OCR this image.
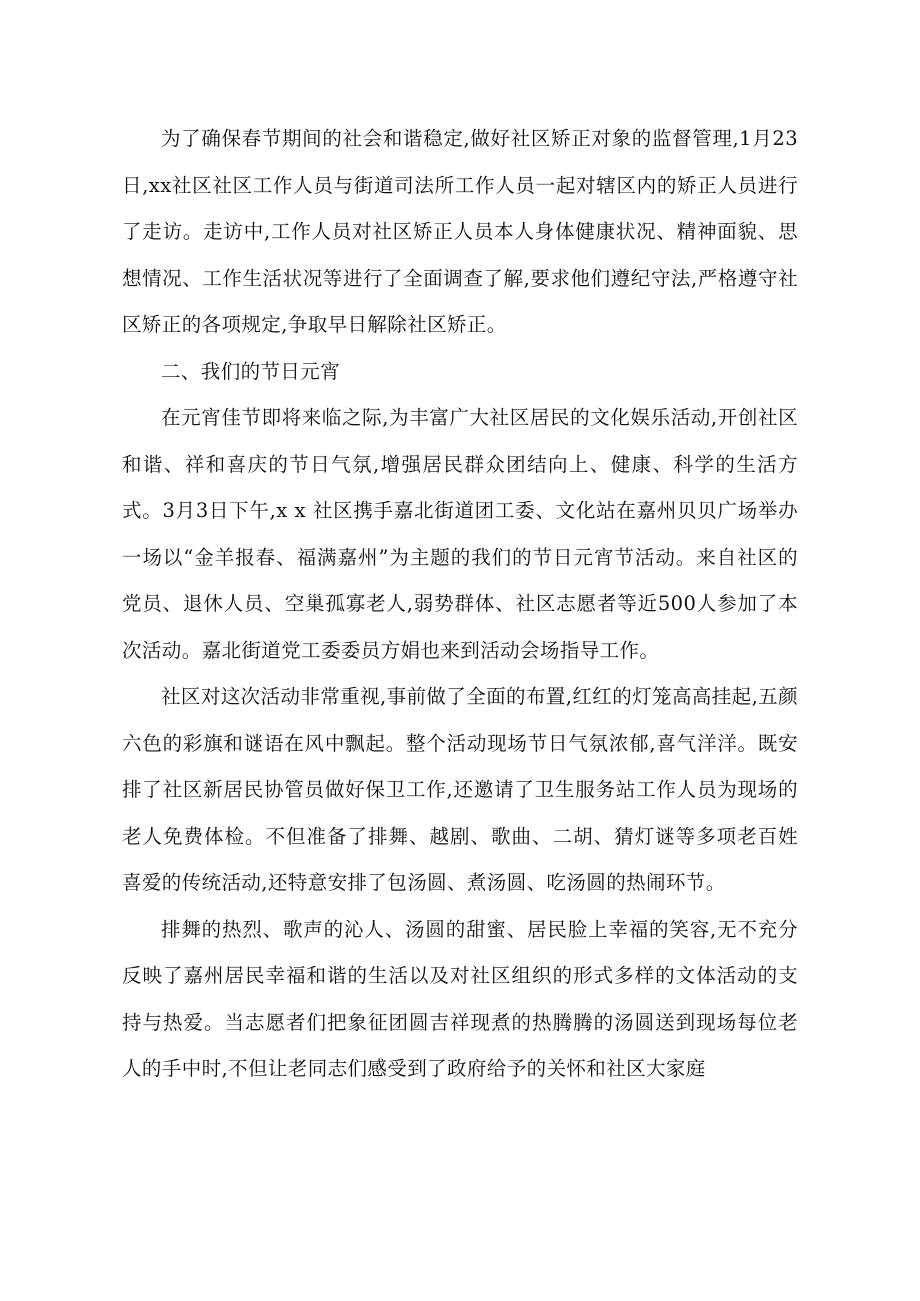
为了确保春节期间的社会和谐稳定,做好社区矫正对象的监督管理,1月23日,xx社区社区工作人员与街道司法所工作人员一起对辖区内的矫正人员进行了走访。走访中,工作人员对社区矫正人员本人身体健康状况、精神面貌、思想情况、工作生活状况等进行了全面调查了解,要求他们遵纪守法,严格遵守社区矫正的各项规定,争取早日解除社区矫正。

二、我们的节日元宵

在元宵佳节即将来临之际,为丰富广大社区居民的文化娱乐活动,开创社区和谐、祥和喜庆的节日气氛,增强居民群众团结向上、健康、科学的生活方式。3月3日下午,x x 社区携手嘉北街道团工委、文化站在嘉州贝贝广场举办一场以“金羊报春、福满嘉州”为主题的我们的节日元宵节活动。来自社区的党员、退休人员、空巢孤寡老人,弱势群体、社区志愿者等近500人参加了本次活动。嘉北街道党工委委员方娟也来到活动会场指导工作。

社区对这次活动非常重视,事前做了全面的布置,红红的灯笼高高挂起,五颜六色的彩旗和谜语在风中飘起。整个活动现场节日气氛浓郁,喜气洋洋。既安排了社区新居民协管员做好保卫工作,还邀请了卫生服务站工作人员为现场的老人免费体检。不但准备了排舞、越剧、歌曲、二胡、猜灯谜等多项老百姓喜爱的传统活动,还特意安排了包汤圆、煮汤圆、吃汤圆的热闹环节。

排舞的热烈、歌声的沁人、汤圆的甜蜜、居民脸上幸福的笑容,无不充分反映了嘉州居民幸福和谐的生活以及对社区组织的形式多样的文体活动的支持与热爱。当志愿者们把象征团圆吉祥现煮的热腾腾的汤圆送到现场每位老人的手中时,不但让老同志们感受到了政府给予的关怀和社区大家庭
